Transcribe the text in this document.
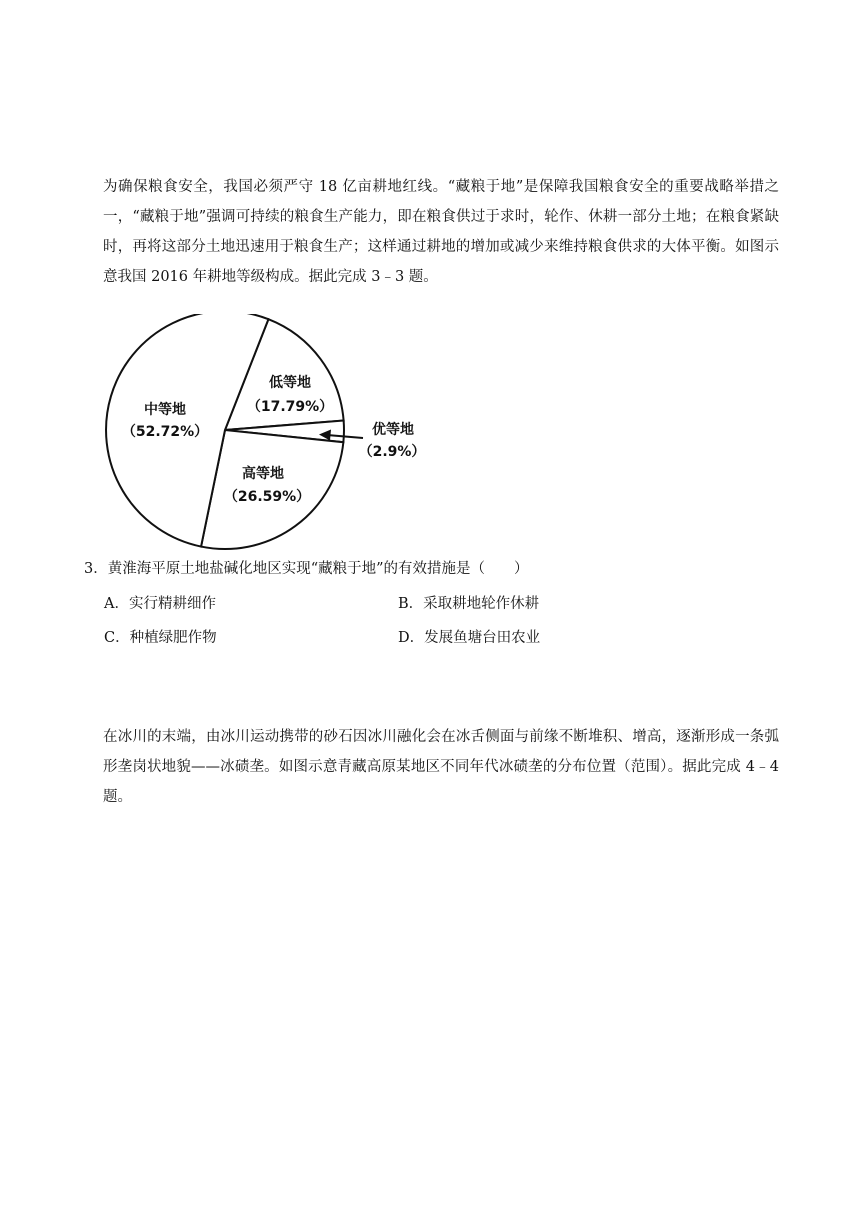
为确保粮食安全，我国必须严守 18 亿亩耕地红线。“藏粮于地”是保障我国粮食安全的重要战略举措之一，“藏粮于地”强调可持续的粮食生产能力，即在粮食供过于求时，轮作、休耕一部分土地；在粮食紧缺时，再将这部分土地迅速用于粮食生产；这样通过耕地的增加或减少来维持粮食供求的大体平衡。如图示意我国 2016 年耕地等级构成。据此完成 3﹣3 题。

中等地
（52.72%）
低等地
（17.79%）
高等地
（26.59%）
优等地
（2.9%）

3．黄淮海平原土地盐碱化地区实现“藏粮于地”的有效措施是（　　）

A．实行精耕细作	B．采取耕地轮作休耕

C．种植绿肥作物	D．发展鱼塘台田农业

在冰川的末端，由冰川运动携带的砂石因冰川融化会在冰舌侧面与前缘不断堆积、增高，逐渐形成一条弧形垄岗状地貌——冰碛垄。如图示意青藏高原某地区不同年代冰碛垄的分布位置（范围）。据此完成 4﹣4 题。
